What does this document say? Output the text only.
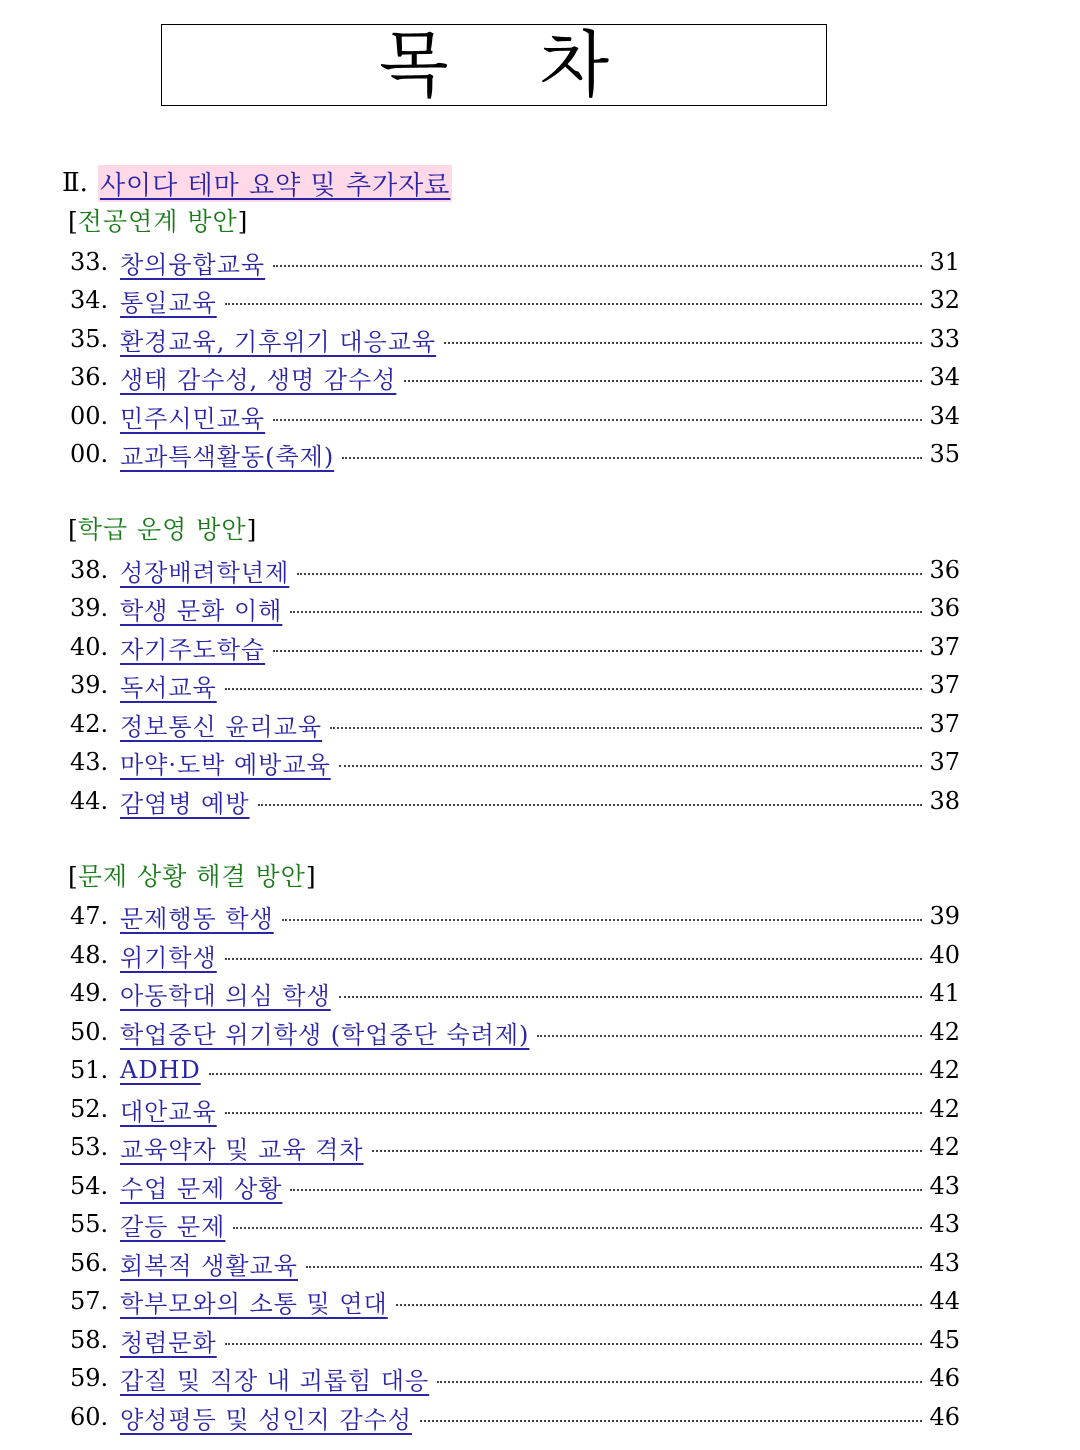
목 차
Ⅱ. 사이다 테마 요약 및 추가자료
[전공연계 방안]
33. 창의융합교육	31
34. 통일교육	32
35. 환경교육, 기후위기 대응교육	33
36. 생태 감수성, 생명 감수성	34
00. 민주시민교육	34
00. 교과특색활동(축제)	35
[학급 운영 방안]
38. 성장배려학년제	36
39. 학생 문화 이해	36
40. 자기주도학습	37
39. 독서교육	37
42. 정보통신 윤리교육	37
43. 마약·도박 예방교육	37
44. 감염병 예방	38
[문제 상황 해결 방안]
47. 문제행동 학생	39
48. 위기학생	40
49. 아동학대 의심 학생	41
50. 학업중단 위기학생 (학업중단 숙려제)	42
51. ADHD	42
52. 대안교육	42
53. 교육약자 및 교육 격차	42
54. 수업 문제 상황	43
55. 갈등 문제	43
56. 회복적 생활교육	43
57. 학부모와의 소통 및 연대	44
58. 청렴문화	45
59. 갑질 및 직장 내 괴롭힘 대응	46
60. 양성평등 및 성인지 감수성	46
